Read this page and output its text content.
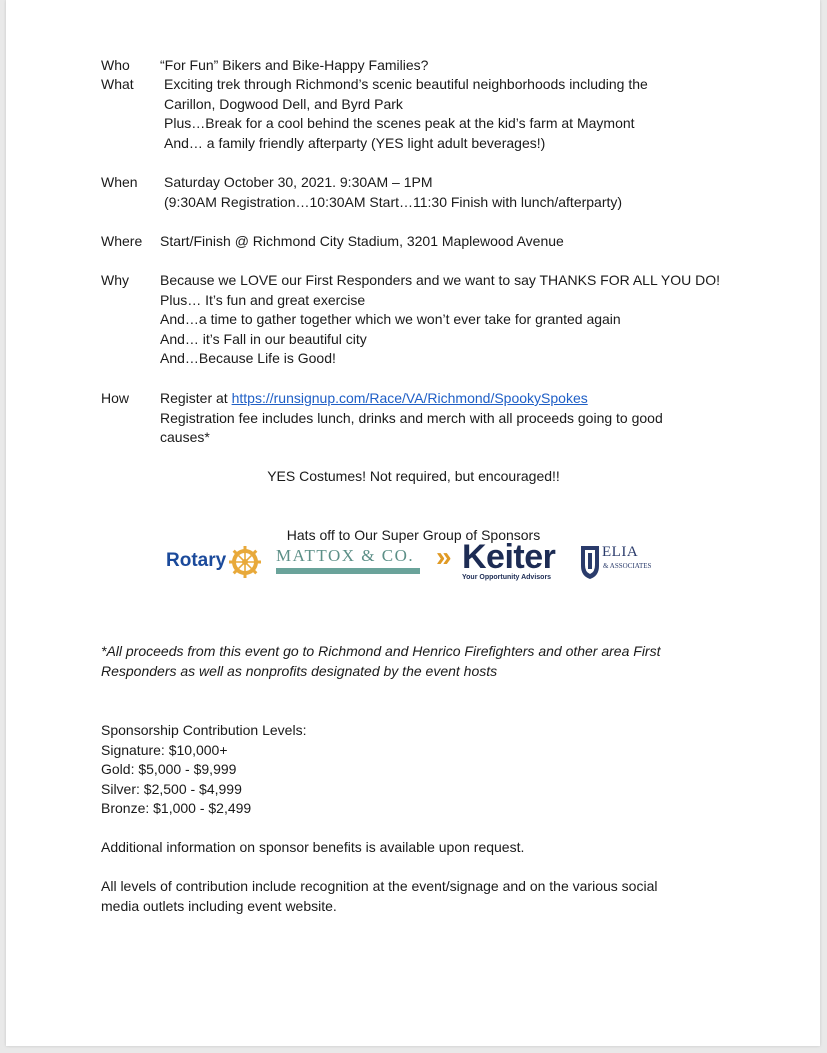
Who “For Fun” Bikers and Bike-Happy Families?
What Exciting trek through Richmond’s scenic beautiful neighborhoods including the
Carillon, Dogwood Dell, and Byrd Park
Plus…Break for a cool behind the scenes peak at the kid’s farm at Maymont
And… a family friendly afterparty (YES light adult beverages!)
When Saturday October 30, 2021. 9:30AM – 1PM
(9:30AM Registration…10:30AM Start…11:30 Finish with lunch/afterparty)
Where Start/Finish @ Richmond City Stadium, 3201 Maplewood Avenue
Why Because we LOVE our First Responders and we want to say THANKS FOR ALL YOU DO!
Plus… It’s fun and great exercise
And…a time to gather together which we won’t ever take for granted again
And… it’s Fall in our beautiful city
And…Because Life is Good!
How Register at https://runsignup.com/Race/VA/Richmond/SpookySpokes
Registration fee includes lunch, drinks and merch with all proceeds going to good
causes*
YES Costumes! Not required, but encouraged!!
Hats off to Our Super Group of Sponsors
Rotary	MATTOX & CO. » Keiter
Your Opportunity Advisors
ELIA
& ASSOCIATES
*All proceeds from this event go to Richmond and Henrico Firefighters and other area First
Responders as well as nonprofits designated by the event hosts
Sponsorship Contribution Levels:
Signature: $10,000+
Gold: $5,000 - $9,999
Silver: $2,500 - $4,999
Bronze: $1,000 - $2,499
Additional information on sponsor benefits is available upon request.
All levels of contribution include recognition at the event/signage and on the various social
media outlets including event website.
